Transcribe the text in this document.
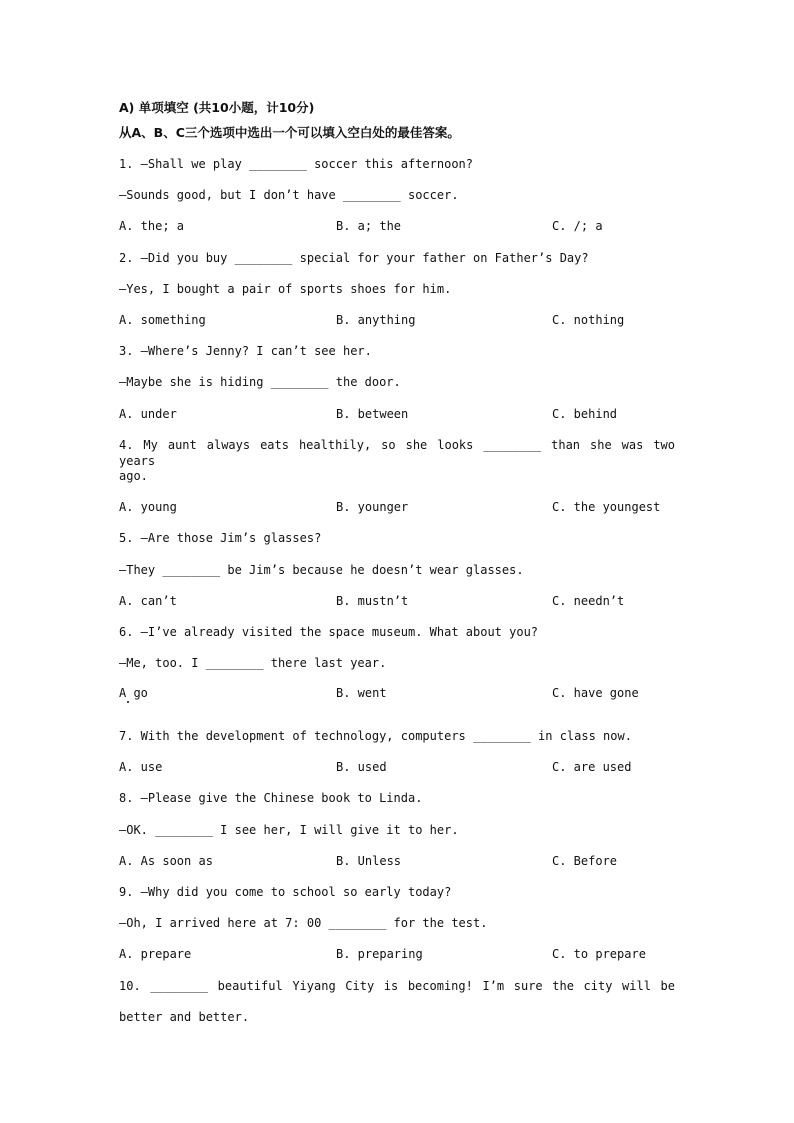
A) 单项填空 (共10小题，计10分)
从A、B、C三个选项中选出一个可以填入空白处的最佳答案。
1. —Shall we play ________ soccer this afternoon?
—Sounds good, but I don’t have ________ soccer.
A. the; a	B. a; the	C. /; a
2. —Did you buy ________ special for your father on Father’s Day?
—Yes, I bought a pair of sports shoes for him.
A. something	B. anything	C. nothing
3. —Where’s Jenny? I can’t see her.
—Maybe she is hiding ________ the door.
A. under	B. between	C. behind
4. My aunt always eats healthily, so she looks ________ than she was two years
ago.
A. young	B. younger	C. the youngest
5. —Are those Jim’s glasses?
—They ________ be Jim’s because he doesn’t wear glasses.
A. can’t	B. mustn’t	C. needn’t
6. —I’ve already visited the space museum. What about you?
—Me, too. I ________ there last year.
A go	B. went	C. have gone
7. With the development of technology, computers ________ in class now.
A. use	B. used	C. are used
8. —Please give the Chinese book to Linda.
—OK. ________ I see her, I will give it to her.
A. As soon as	B. Unless	C. Before
9. —Why did you come to school so early today?
—Oh, I arrived here at 7: 00 ________ for the test.
A. prepare	B. preparing	C. to prepare
10. ________ beautiful Yiyang City is becoming! I’m sure the city will be
better and better.
